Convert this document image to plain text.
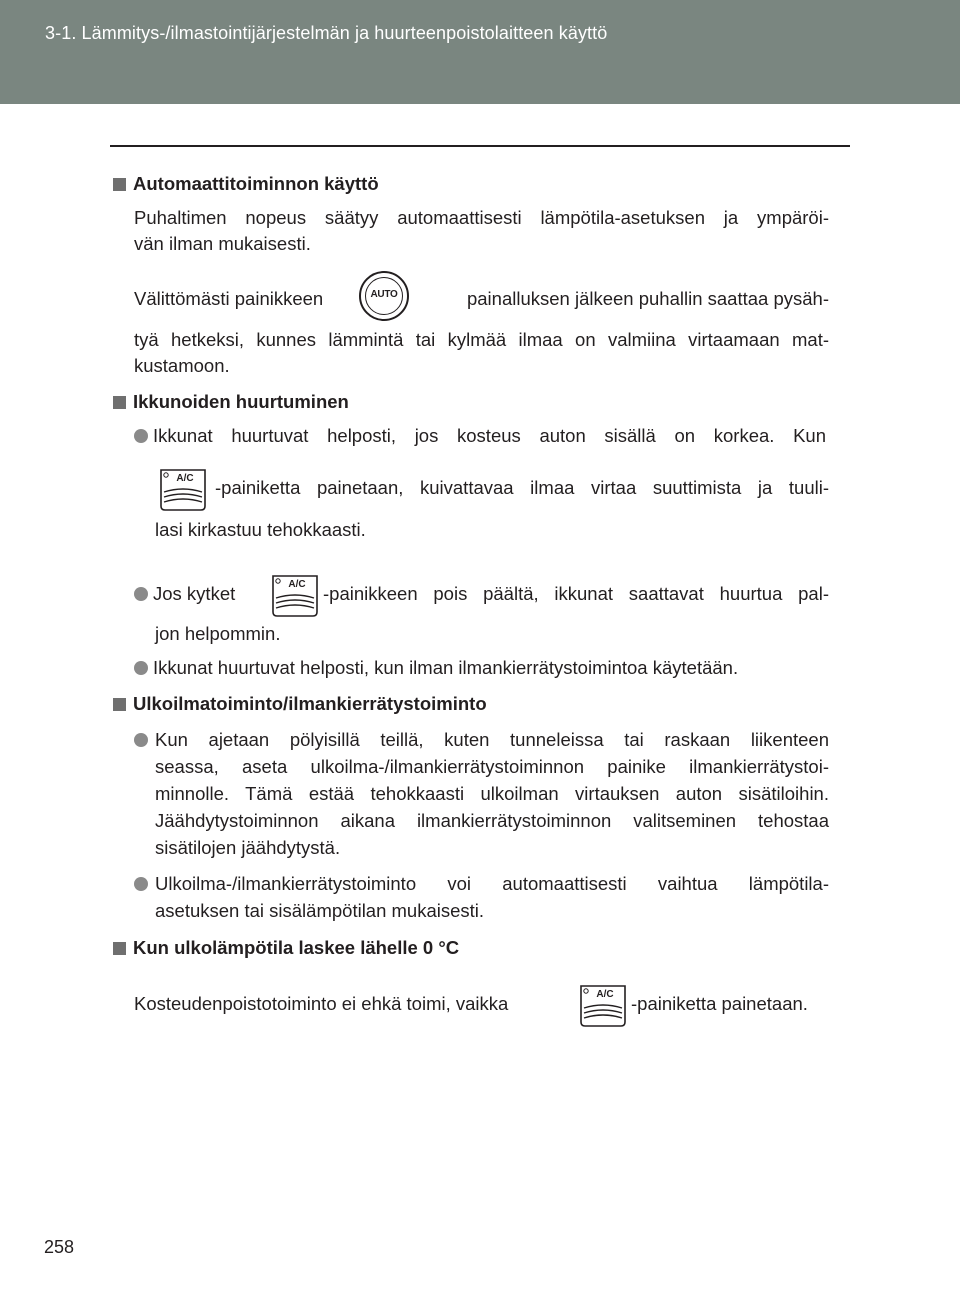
3-1. Lämmitys-/ilmastointijärjestelmän ja huurteenpoistolaitteen käyttö
Automaattitoiminnon käyttö
Puhaltimen nopeus säätyy automaattisesti lämpötila-asetuksen ja ympäröi-
vän ilman mukaisesti.
Välittömästi painikkeen	AUTO	painalluksen jälkeen puhallin saattaa pysäh-
tyä hetkeksi, kunnes lämmintä tai kylmää ilmaa on valmiina virtaamaan mat-
kustamoon.
Ikkunoiden huurtuminen
Ikkunat huurtuvat helposti, jos kosteus auton sisällä on korkea. Kun
A/C -painiketta painetaan, kuivattavaa ilmaa virtaa suuttimista ja tuuli-
lasi kirkastuu tehokkaasti.
Jos kytket	A/C -painikkeen pois päältä, ikkunat saattavat huurtua pal-
jon helpommin.
Ikkunat huurtuvat helposti, kun ilman ilmankierrätystoimintoa käytetään.
Ulkoilmatoiminto/ilmankierrätystoiminto
Kun ajetaan pölyisillä teillä, kuten tunneleissa tai raskaan liikenteen
seassa, aseta ulkoilma-/ilmankierrätystoiminnon painike ilmankierrätystoi-
minnolle. Tämä estää tehokkaasti ulkoilman virtauksen auton sisätiloihin.
Jäähdytystoiminnon aikana ilmankierrätystoiminnon valitseminen tehostaa
sisätilojen jäähdytystä.
Ulkoilma-/ilmankierrätystoiminto voi automaattisesti vaihtua lämpötila-
asetuksen tai sisälämpötilan mukaisesti.
Kun ulkolämpötila laskee lähelle 0 °C
Kosteudenpoistotoiminto ei ehkä toimi, vaikka	A/C -painiketta painetaan.
258
